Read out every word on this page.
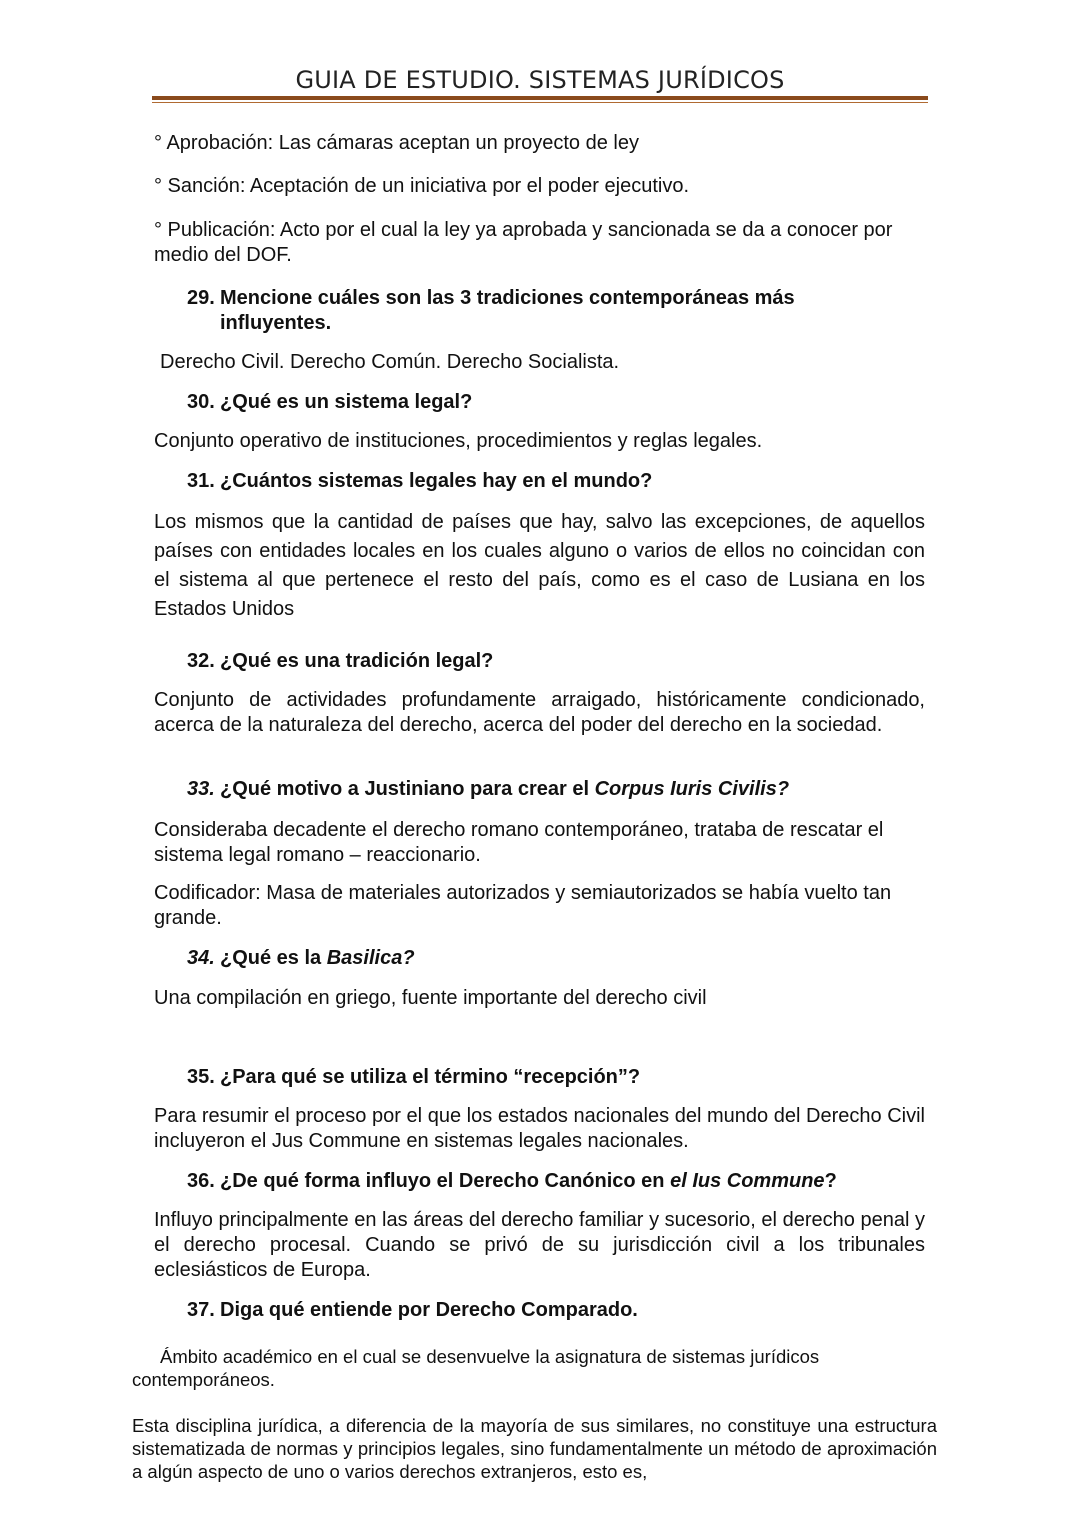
GUIA DE ESTUDIO. SISTEMAS JURÍDICOS

° Aprobación: Las cámaras aceptan un proyecto de ley

° Sanción: Aceptación de un iniciativa por el poder ejecutivo.

° Publicación: Acto por el cual la ley ya aprobada y sancionada se da a conocer por medio del DOF.

29. Mencione cuáles son las 3 tradiciones contemporáneas más influyentes.

Derecho Civil. Derecho Común. Derecho Socialista.

30. ¿Qué es un sistema legal?

Conjunto operativo de instituciones, procedimientos y reglas legales.

31. ¿Cuántos sistemas legales hay en el mundo?

Los mismos que la cantidad de países que hay, salvo las excepciones, de aquellos países con entidades locales en los cuales alguno o varios de ellos no coincidan con el sistema al que pertenece el resto del país, como es el caso de Lusiana en los Estados Unidos

32. ¿Qué es una tradición legal?

Conjunto de actividades profundamente arraigado, históricamente condicionado, acerca de la naturaleza del derecho, acerca del poder del derecho en la sociedad.

33. ¿Qué motivo a Justiniano para crear el Corpus Iuris Civilis?

Consideraba decadente el derecho romano contemporáneo, trataba de rescatar el sistema legal romano – reaccionario.

Codificador: Masa de materiales autorizados y semiautorizados se había vuelto tan grande.

34. ¿Qué es la Basilica?

Una compilación en griego, fuente importante del derecho civil

35. ¿Para qué se utiliza el término “recepción”?

Para resumir el proceso por el que los estados nacionales del mundo del Derecho Civil incluyeron el Jus Commune en sistemas legales nacionales.

36. ¿De qué forma influyo el Derecho Canónico en el Ius Commune?

Influyo principalmente en las áreas del derecho familiar y sucesorio, el derecho penal y el derecho procesal. Cuando se privó de su jurisdicción civil a los tribunales eclesiásticos de Europa.

37. Diga qué entiende por Derecho Comparado.

Ámbito académico en el cual se desenvuelve la asignatura de sistemas jurídicos contemporáneos.

Esta disciplina jurídica, a diferencia de la mayoría de sus similares, no constituye una estructura sistematizada de normas y principios legales, sino fundamentalmente un método de aproximación a algún aspecto de uno o varios derechos extranjeros, esto es,
